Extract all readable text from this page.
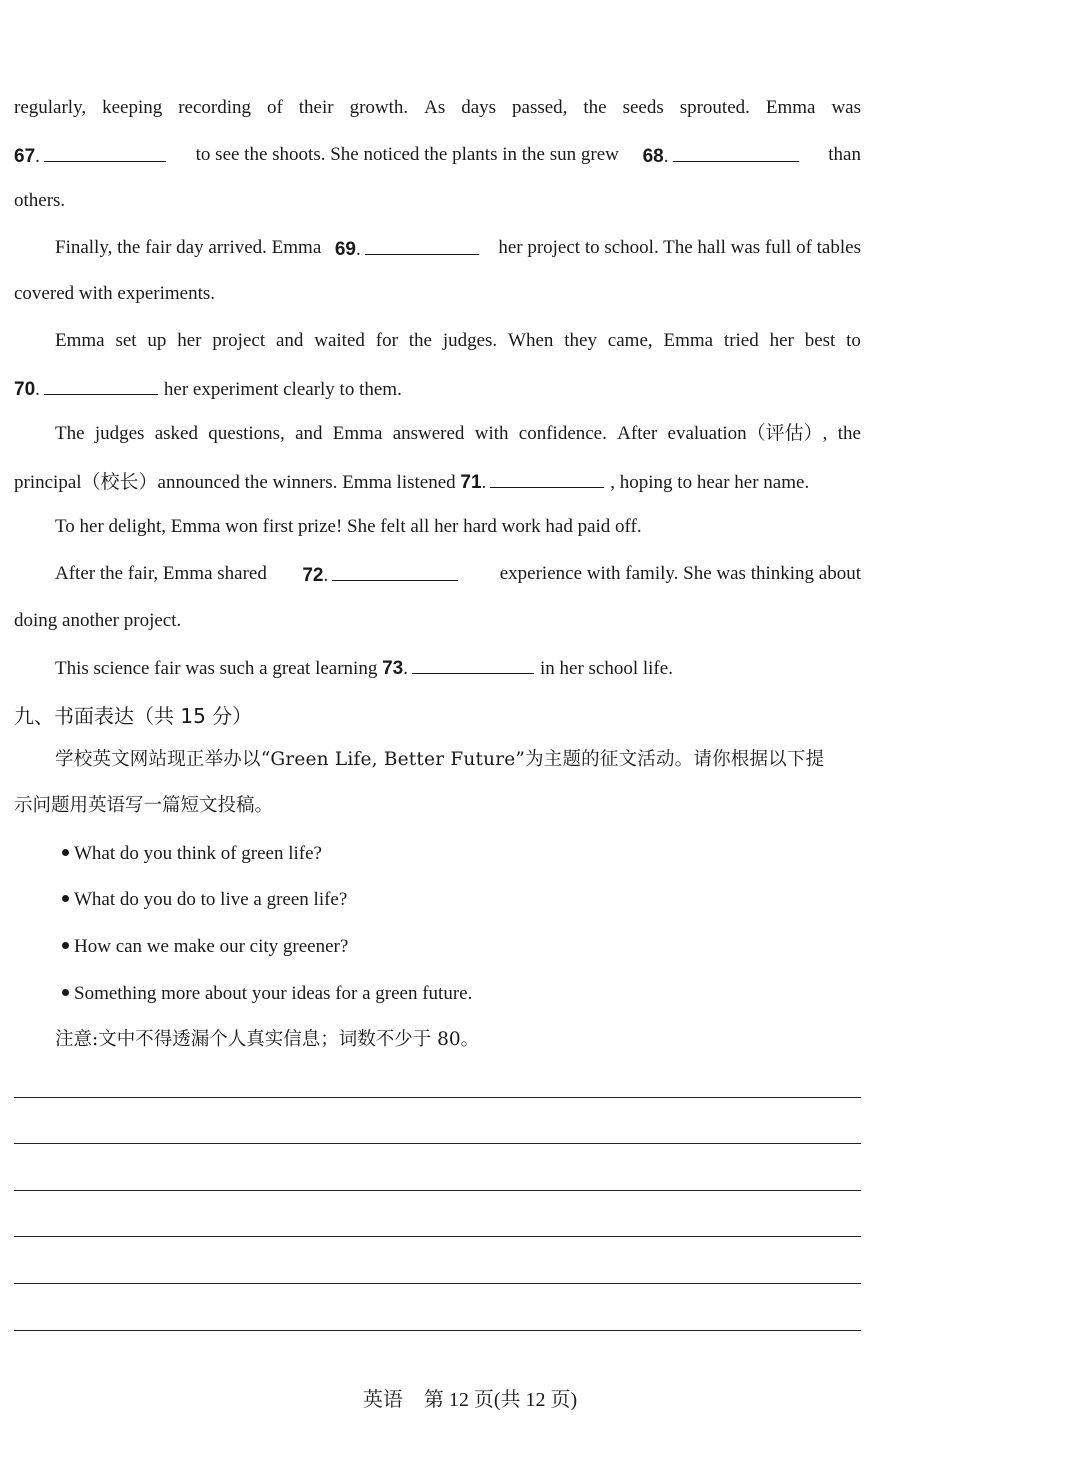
regularly, keeping recording of their growth. As days passed, the seeds sprouted. Emma was
67.	to see the shoots. She noticed the plants in the sun grew 68.	than
others.
Finally, the fair day arrived. Emma 69.	her project to school. The hall was full of tables
covered with experiments.
Emma set up her project and waited for the judges. When they came, Emma tried her best to
70.	her experiment clearly to them.
The judges asked questions, and Emma answered with confidence. After evaluation（评估）, the
principal（校长）announced the winners. Emma listened 71.	, hoping to hear her name.
To her delight, Emma won first prize! She felt all her hard work had paid off.
After the fair, Emma shared 72.	experience with family. She was thinking about
doing another project.
This science fair was such a great learning 73.	in her school life.
九、书面表达（共 15 分）
学校英文网站现正举办以“Green Life, Better Future”为主题的征文活动。请你根据以下提
示问题用英语写一篇短文投稿。
What do you think of green life?
What do you do to live a green life?
How can we make our city greener?
Something more about your ideas for a green future.
注意:文中不得透漏个人真实信息；词数不少于 80。
英语 第 12 页(共 12 页)
